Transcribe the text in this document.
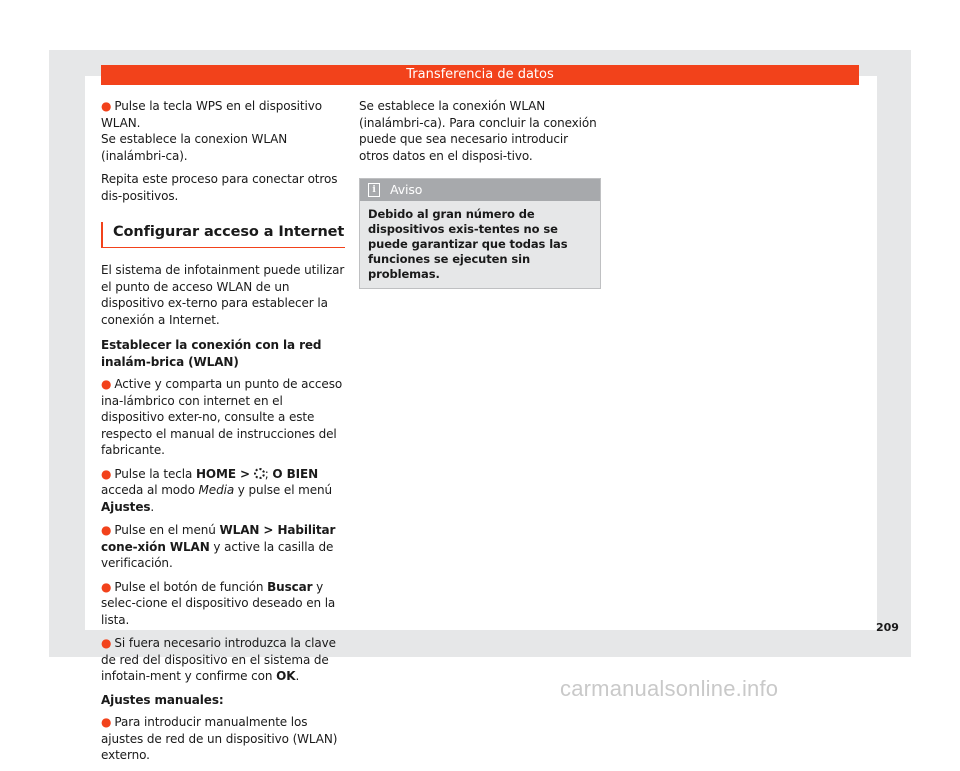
Transferencia de datos

● Pulse la tecla WPS en el dispositivo WLAN.
Se establece la conexion WLAN (inalámbri-ca).

Repita este proceso para conectar otros dis-positivos.

Configurar acceso a Internet

El sistema de infotainment puede utilizar el punto de acceso WLAN de un dispositivo ex-terno para establecer la conexión a Internet.

Establecer la conexión con la red inalám-brica (WLAN)

● Active y comparta un punto de acceso ina-lámbrico con internet en el dispositivo exter-no, consulte a este respecto el manual de instrucciones del fabricante.

● Pulse la tecla HOME > ; O BIEN acceda al modo Media y pulse el menú Ajustes.

● Pulse en el menú WLAN > Habilitar cone-xión WLAN y active la casilla de verificación.

● Pulse el botón de función Buscar y selec-cione el dispositivo deseado en la lista.

● Si fuera necesario introduzca la clave de red del dispositivo en el sistema de infotain-ment y confirme con OK.

Ajustes manuales:

● Para introducir manualmente los ajustes de red de un dispositivo (WLAN) externo.

Se establece la conexión WLAN (inalámbri-ca). Para concluir la conexión puede que sea necesario introducir otros datos en el disposi-tivo.

i	Aviso
Debido al gran número de dispositivos exis-tentes no se puede garantizar que todas las funciones se ejecuten sin problemas.
209
carmanualsonline.info
